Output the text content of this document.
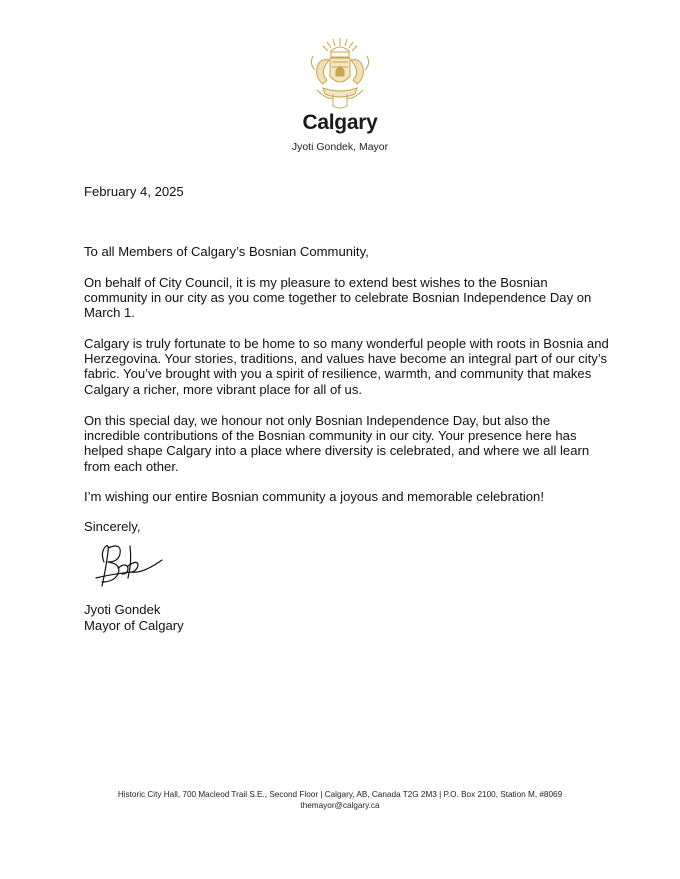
Calgary
Jyoti Gondek, Mayor
February 4, 2025
To all Members of Calgary’s Bosnian Community,
On behalf of City Council, it is my pleasure to extend best wishes to the Bosnian community in our city as you come together to celebrate Bosnian Independence Day on March 1.
Calgary is truly fortunate to be home to so many wonderful people with roots in Bosnia and Herzegovina. Your stories, traditions, and values have become an integral part of our city’s fabric. You’ve brought with you a spirit of resilience, warmth, and community that makes Calgary a richer, more vibrant place for all of us.
On this special day, we honour not only Bosnian Independence Day, but also the incredible contributions of the Bosnian community in our city. Your presence here has helped shape Calgary into a place where diversity is celebrated, and where we all learn from each other.
I’m wishing our entire Bosnian community a joyous and memorable celebration!
Sincerely,
Jyoti Gondek
Mayor of Calgary
Historic City Hall, 700 Macleod Trail S.E., Second Floor | Calgary, AB, Canada T2G 2M3 | P.O. Box 2100, Station M, #8069
themayor@calgary.ca
